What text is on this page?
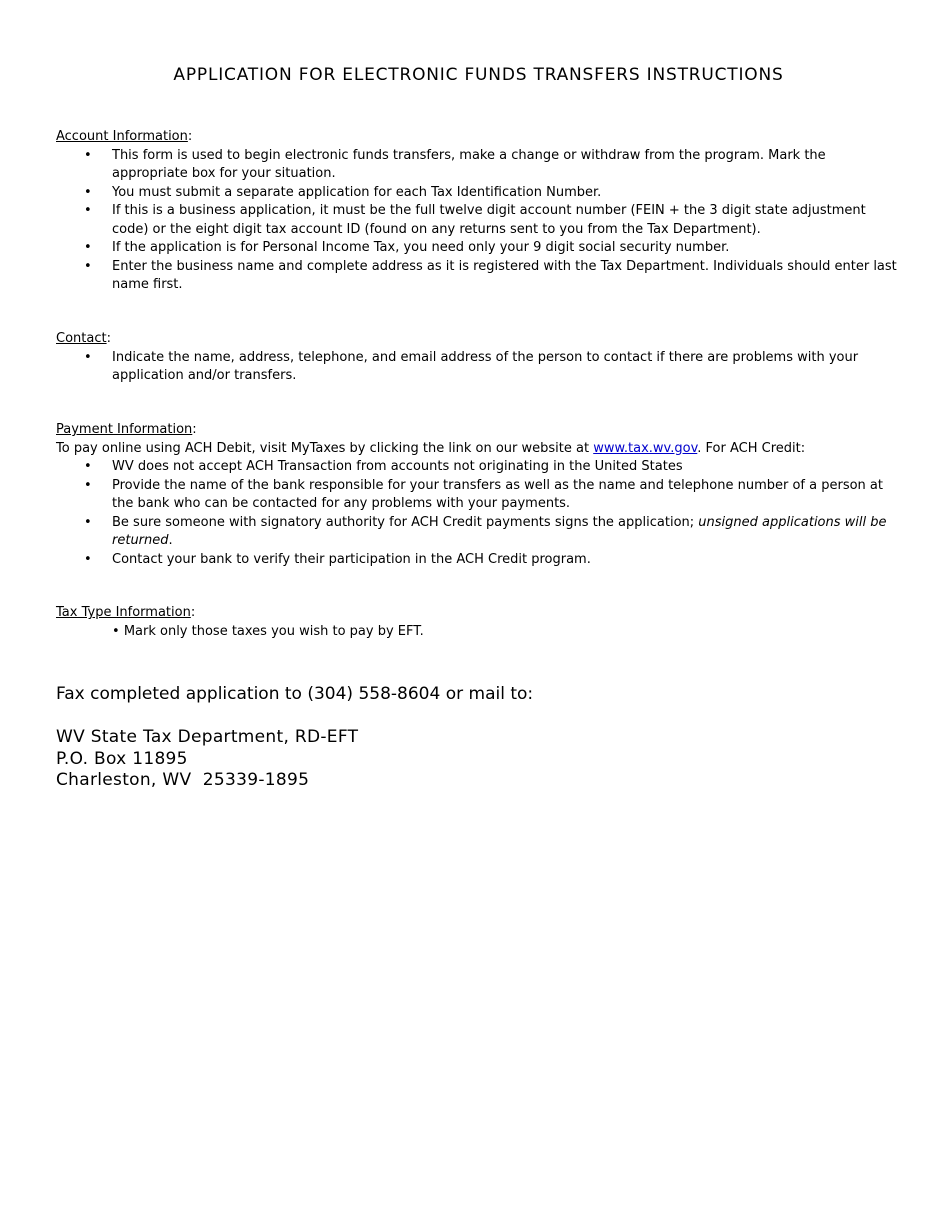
APPLICATION FOR ELECTRONIC FUNDS TRANSFERS INSTRUCTIONS

Account Information:

• This form is used to begin electronic funds transfers, make a change or withdraw from the program. Mark the appropriate box for your situation.
• You must submit a separate application for each Tax Identification Number.
• If this is a business application, it must be the full twelve digit account number (FEIN + the 3 digit state adjustment code) or the eight digit tax account ID (found on any returns sent to you from the Tax Department).
• If the application is for Personal Income Tax, you need only your 9 digit social security number.
• Enter the business name and complete address as it is registered with the Tax Department. Individuals should enter last name first.

Contact:

• Indicate the name, address, telephone, and email address of the person to contact if there are problems with your application and/or transfers.

Payment Information:

To pay online using ACH Debit, visit MyTaxes by clicking the link on our website at www.tax.wv.gov. For ACH Credit:

• WV does not accept ACH Transaction from accounts not originating in the United States
• Provide the name of the bank responsible for your transfers as well as the name and telephone number of a person at the bank who can be contacted for any problems with your payments.
• Be sure someone with signatory authority for ACH Credit payments signs the application; unsigned applications will be returned.
• Contact your bank to verify their participation in the ACH Credit program.

Tax Type Information:

• Mark only those taxes you wish to pay by EFT.

Fax completed application to (304) 558-8604 or mail to:

WV State Tax Department, RD-EFT
P.O. Box 11895
Charleston, WV  25339-1895
